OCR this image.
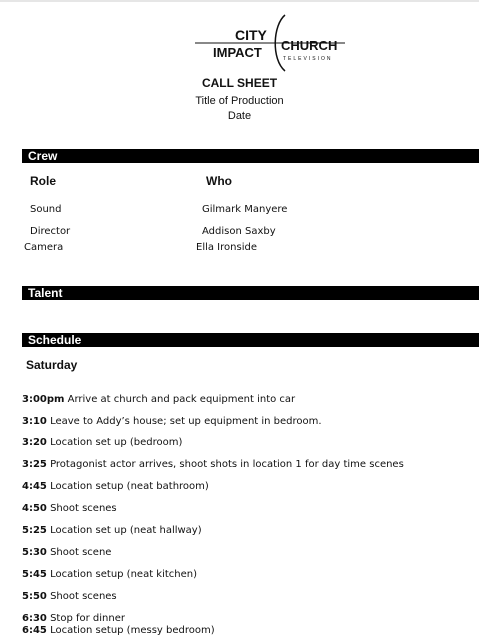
CITY
IMPACT CHURCH
TELEVISION
CALL SHEET
Title of Production
Date
Crew
Role	Who
Sound	Gilmark Manyere
Director	Addison Saxby
Camera	Ella Ironside
Talent
Schedule
Saturday
3:00pm Arrive at church and pack equipment into car
3:10 Leave to Addy’s house; set up equipment in bedroom.
3:20 Location set up (bedroom)
3:25 Protagonist actor arrives, shoot shots in location 1 for day time scenes
4:45 Location setup (neat bathroom)
4:50 Shoot scenes
5:25 Location set up (neat hallway)
5:30 Shoot scene
5:45 Location setup (neat kitchen)
5:50 Shoot scenes
6:30 Stop for dinner
6:45 Location setup (messy bedroom)
